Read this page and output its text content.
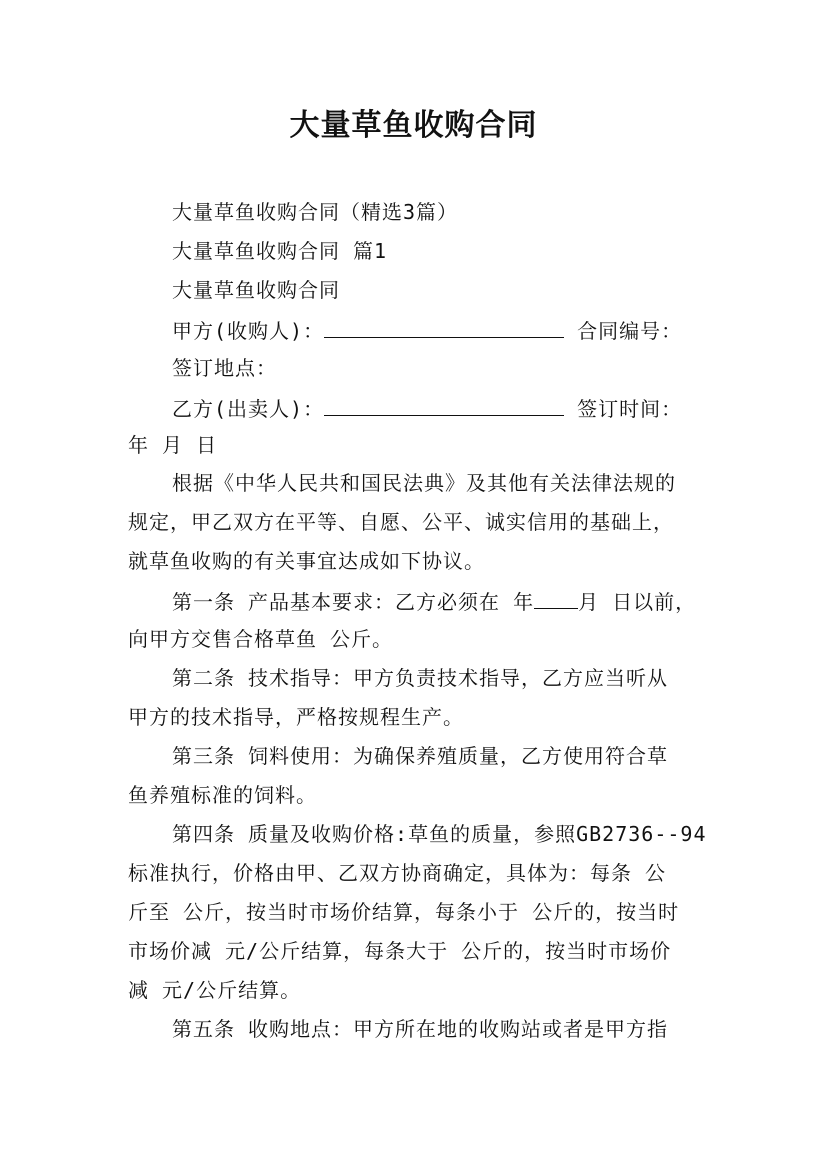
大量草鱼收购合同
大量草鱼收购合同（精选3篇）
大量草鱼收购合同 篇1
大量草鱼收购合同
甲方(收购人)：	合同编号：
签订地点：
乙方(出卖人)：	签订时间：
年 月 日
根据《中华人民共和国民法典》及其他有关法律法规的
规定，甲乙双方在平等、自愿、公平、诚实信用的基础上，
就草鱼收购的有关事宜达成如下协议。
第一条 产品基本要求：乙方必须在 年 月 日以前，
向甲方交售合格草鱼 公斤。
第二条 技术指导：甲方负责技术指导，乙方应当听从
甲方的技术指导，严格按规程生产。
第三条 饲料使用：为确保养殖质量，乙方使用符合草
鱼养殖标准的饲料。
第四条 质量及收购价格:草鱼的质量，参照GB2736--94
标准执行，价格由甲、乙双方协商确定，具体为：每条 公
斤至 公斤，按当时市场价结算，每条小于 公斤的，按当时
市场价减 元/公斤结算，每条大于 公斤的，按当时市场价
减 元/公斤结算。
第五条 收购地点：甲方所在地的收购站或者是甲方指
